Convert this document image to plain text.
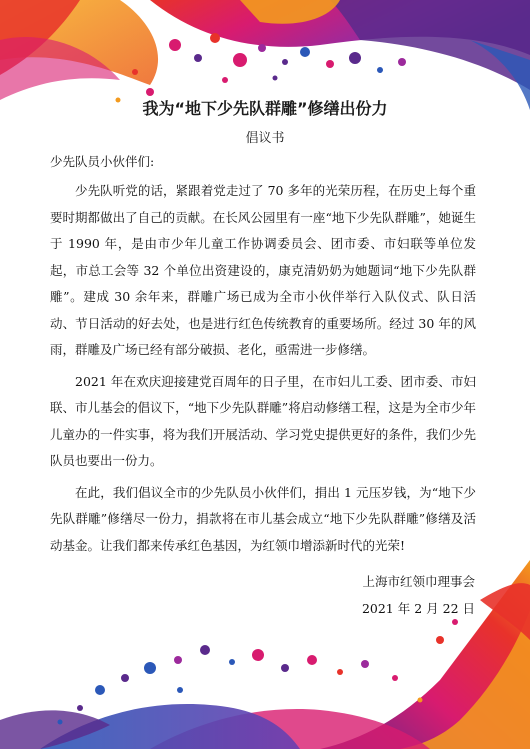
我为“地下少先队群雕”修缮出份力
倡议书
少先队员小伙伴们:

少先队听党的话，紧跟着党走过了 70 多年的光荣历程，在历史上每个重要时期都做出了自己的贡献。在长风公园里有一座“地下少先队群雕”，她诞生于 1990 年，是由市少年儿童工作协调委员会、团市委、市妇联等单位发起，市总工会等 32 个单位出资建设的，康克清奶奶为她题词“地下少先队群雕”。建成 30 余年来，群雕广场已成为全市小伙伴举行入队仪式、队日活动、节日活动的好去处，也是进行红色传统教育的重要场所。经过 30 年的风雨，群雕及广场已经有部分破损、老化，亟需进一步修缮。

2021 年在欢庆迎接建党百周年的日子里，在市妇儿工委、团市委、市妇联、市儿基会的倡议下，“地下少先队群雕”将启动修缮工程，这是为全市少年儿童办的一件实事，将为我们开展活动、学习党史提供更好的条件，我们少先队员也要出一份力。

在此，我们倡议全市的少先队员小伙伴们，捐出 1 元压岁钱，为“地下少先队群雕”修缮尽一份力，捐款将在市儿基会成立“地下少先队群雕”修缮及活动基金。让我们都来传承红色基因，为红领巾增添新时代的光荣!

上海市红领巾理事会
2021 年 2 月 22 日
